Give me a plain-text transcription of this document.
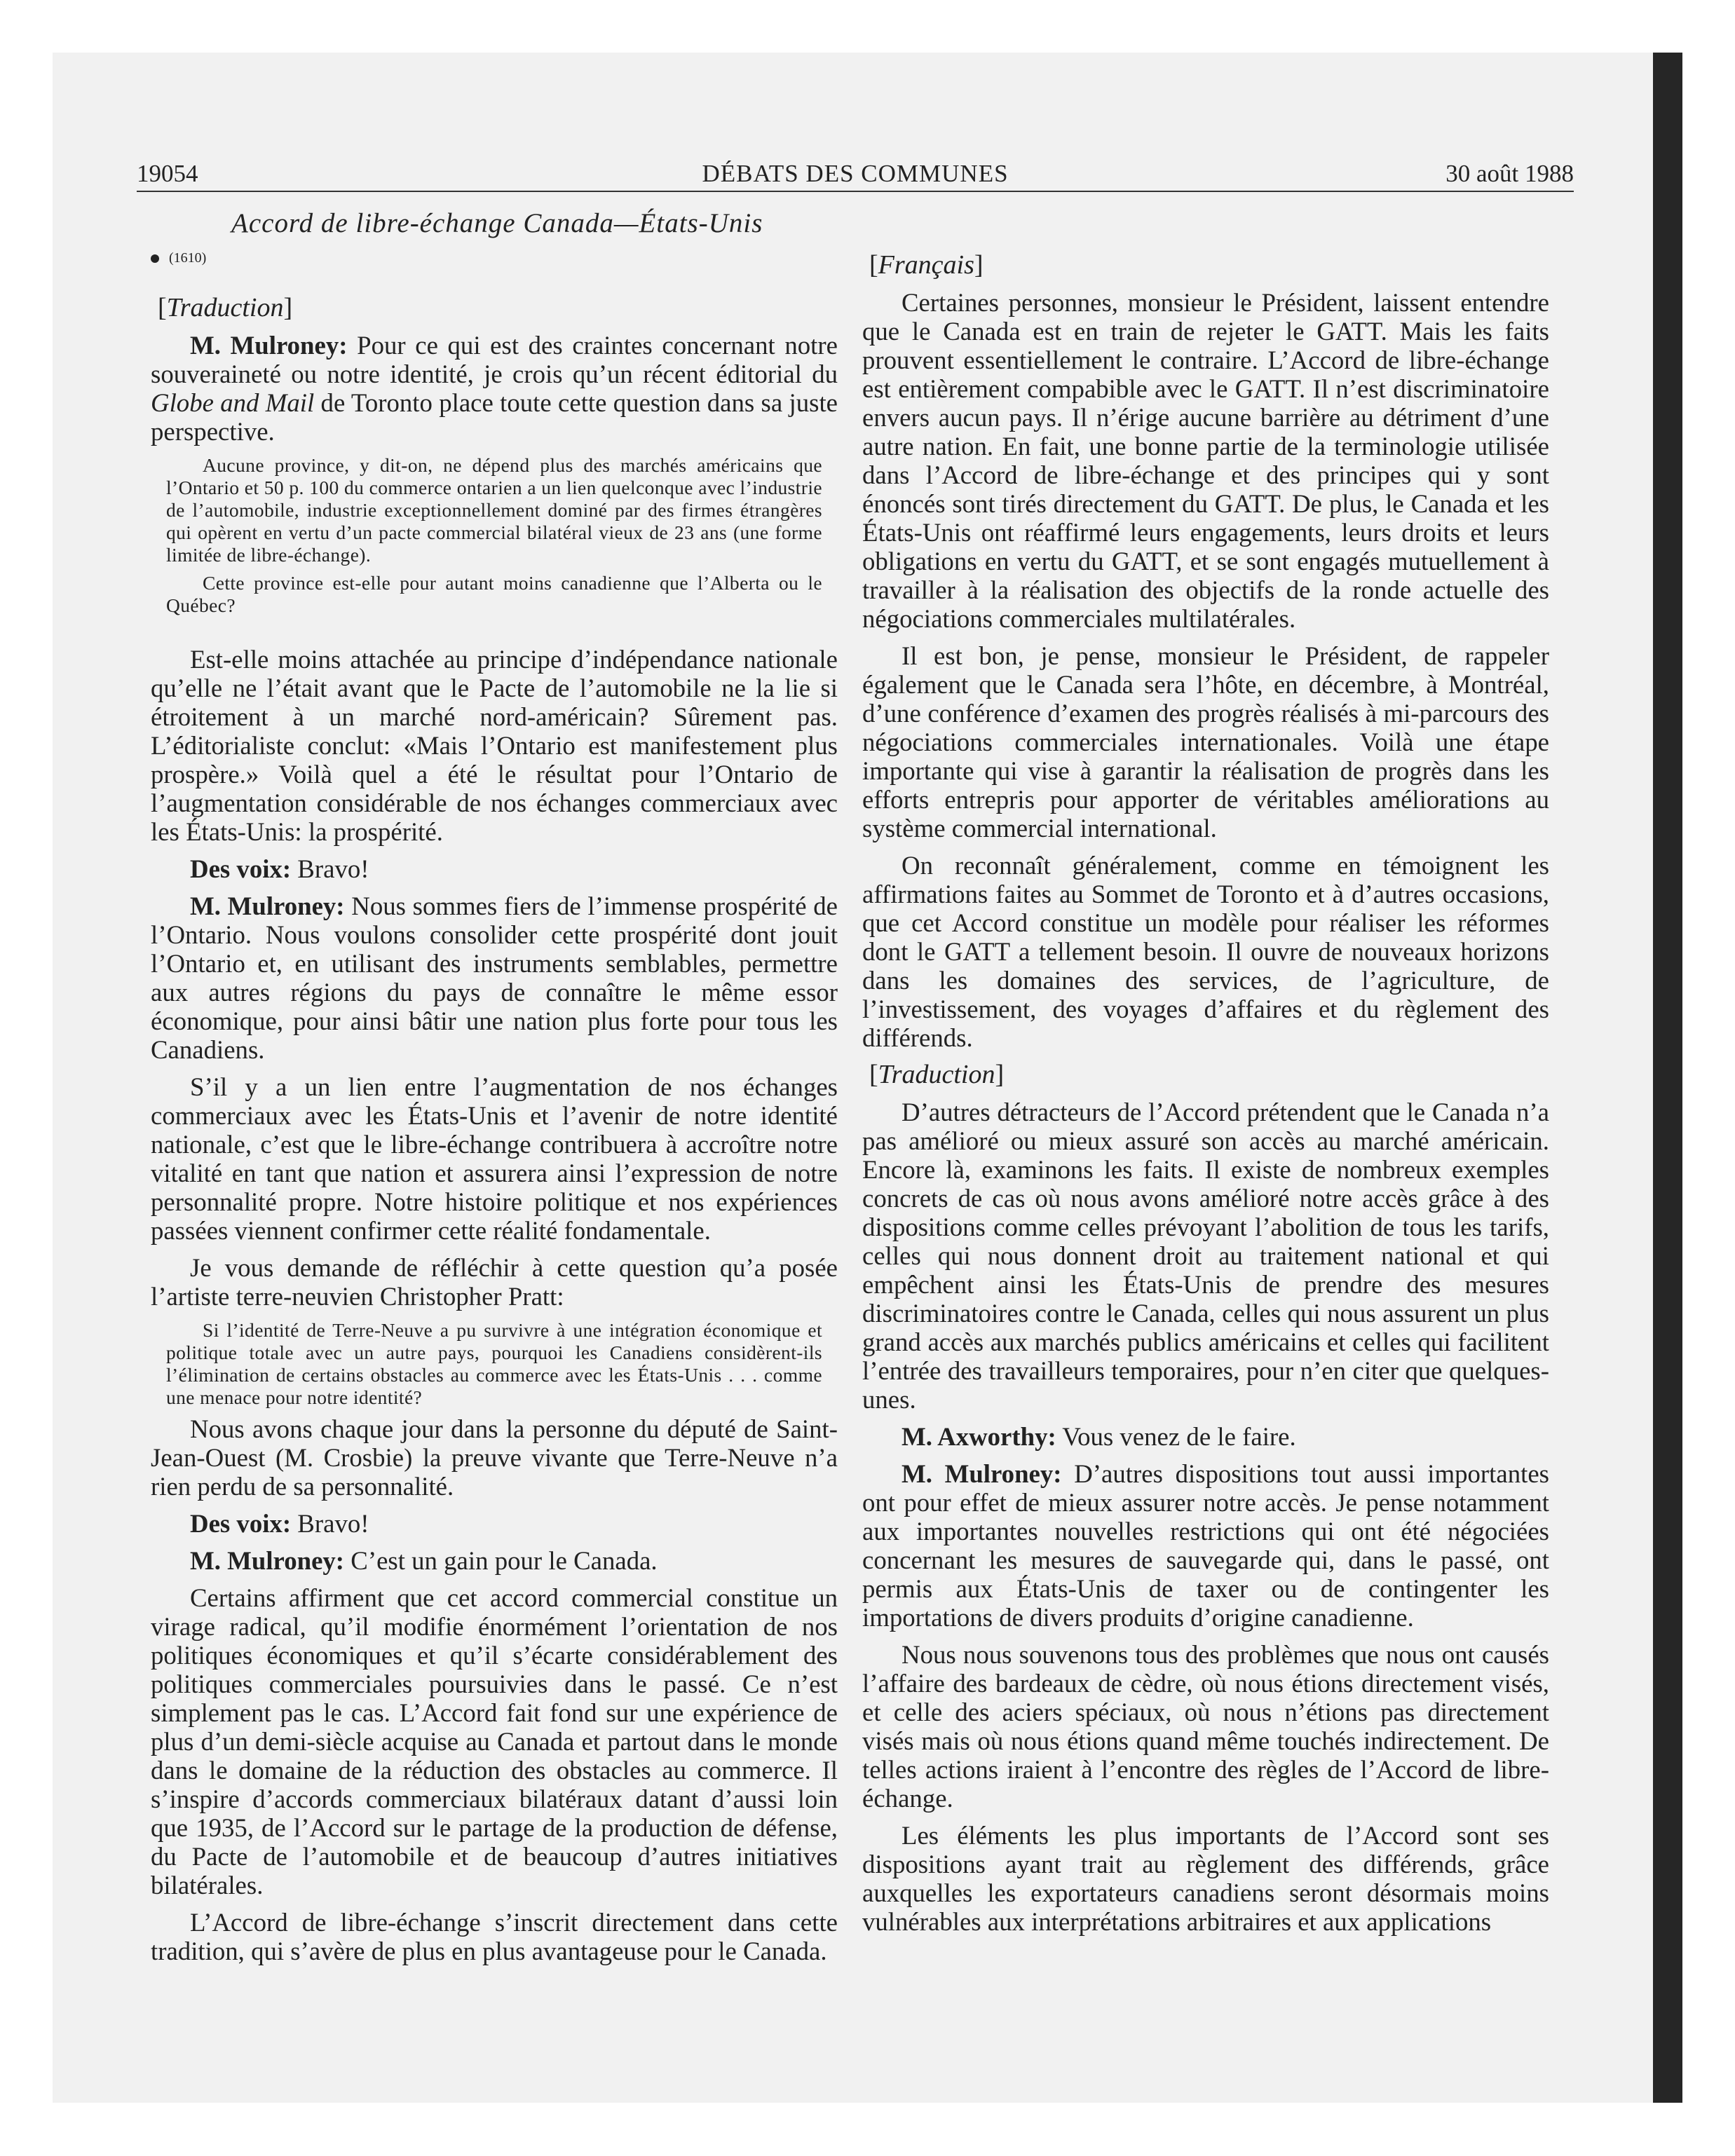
19054	DÉBATS DES COMMUNES	30 août 1988
Accord de libre-échange Canada—États-Unis
(1610)
[Traduction]

M. Mulroney: Pour ce qui est des craintes concernant notre souveraineté ou notre identité, je crois qu’un récent éditorial du Globe and Mail de Toronto place toute cette question dans sa juste perspective.

Aucune province, y dit-on, ne dépend plus des marchés américains que l’Ontario et 50 p. 100 du commerce ontarien a un lien quelconque avec l’industrie de l’automobile, industrie exceptionnellement dominé par des firmes étrangères qui opèrent en vertu d’un pacte commercial bilatéral vieux de 23 ans (une forme limitée de libre-échange).

Cette province est-elle pour autant moins canadienne que l’Alberta ou le Québec?

Est-elle moins attachée au principe d’indépendance nationale qu’elle ne l’était avant que le Pacte de l’automobile ne la lie si étroitement à un marché nord-américain? Sûrement pas. L’éditorialiste conclut: «Mais l’Ontario est manifestement plus prospère.» Voilà quel a été le résultat pour l’Ontario de l’augmentation considérable de nos échanges commerciaux avec les États-Unis: la prospérité.

Des voix: Bravo!

M. Mulroney: Nous sommes fiers de l’immense prospérité de l’Ontario. Nous voulons consolider cette prospérité dont jouit l’Ontario et, en utilisant des instruments semblables, permettre aux autres régions du pays de connaître le même essor économique, pour ainsi bâtir une nation plus forte pour tous les Canadiens.

S’il y a un lien entre l’augmentation de nos échanges commerciaux avec les États-Unis et l’avenir de notre identité nationale, c’est que le libre-échange contribuera à accroître notre vitalité en tant que nation et assurera ainsi l’expression de notre personnalité propre. Notre histoire politique et nos expériences passées viennent confirmer cette réalité fondamentale.

Je vous demande de réfléchir à cette question qu’a posée l’artiste terre-neuvien Christopher Pratt:

Si l’identité de Terre-Neuve a pu survivre à une intégration économique et politique totale avec un autre pays, pourquoi les Canadiens considèrent-ils l’élimination de certains obstacles au commerce avec les États-Unis . . . comme une menace pour notre identité?

Nous avons chaque jour dans la personne du député de Saint-Jean-Ouest (M. Crosbie) la preuve vivante que Terre-Neuve n’a rien perdu de sa personnalité.

Des voix: Bravo!

M. Mulroney: C’est un gain pour le Canada.

Certains affirment que cet accord commercial constitue un virage radical, qu’il modifie énormément l’orientation de nos politiques économiques et qu’il s’écarte considérablement des politiques commerciales poursuivies dans le passé. Ce n’est simplement pas le cas. L’Accord fait fond sur une expérience de plus d’un demi-siècle acquise au Canada et partout dans le monde dans le domaine de la réduction des obstacles au commerce. Il s’inspire d’accords commerciaux bilatéraux datant d’aussi loin que 1935, de l’Accord sur le partage de la production de défense, du Pacte de l’automobile et de beaucoup d’autres initiatives bilatérales.

L’Accord de libre-échange s’inscrit directement dans cette tradition, qui s’avère de plus en plus avantageuse pour le Canada.

[Français]

Certaines personnes, monsieur le Président, laissent entendre que le Canada est en train de rejeter le GATT. Mais les faits prouvent essentiellement le contraire. L’Accord de libre-échange est entièrement compabible avec le GATT. Il n’est discriminatoire envers aucun pays. Il n’érige aucune barrière au détriment d’une autre nation. En fait, une bonne partie de la terminologie utilisée dans l’Accord de libre-échange et des principes qui y sont énoncés sont tirés directement du GATT. De plus, le Canada et les États-Unis ont réaffirmé leurs engagements, leurs droits et leurs obligations en vertu du GATT, et se sont engagés mutuellement à travailler à la réalisation des objectifs de la ronde actuelle des négociations commerciales multilatérales.

Il est bon, je pense, monsieur le Président, de rappeler également que le Canada sera l’hôte, en décembre, à Montréal, d’une conférence d’examen des progrès réalisés à mi-parcours des négociations commerciales internationales. Voilà une étape importante qui vise à garantir la réalisation de progrès dans les efforts entrepris pour apporter de véritables améliorations au système commercial international.

On reconnaît généralement, comme en témoignent les affirmations faites au Sommet de Toronto et à d’autres occasions, que cet Accord constitue un modèle pour réaliser les réformes dont le GATT a tellement besoin. Il ouvre de nouveaux horizons dans les domaines des services, de l’agriculture, de l’investissement, des voyages d’affaires et du règlement des différends.

[Traduction]

D’autres détracteurs de l’Accord prétendent que le Canada n’a pas amélioré ou mieux assuré son accès au marché américain. Encore là, examinons les faits. Il existe de nombreux exemples concrets de cas où nous avons amélioré notre accès grâce à des dispositions comme celles prévoyant l’abolition de tous les tarifs, celles qui nous donnent droit au traitement national et qui empêchent ainsi les États-Unis de prendre des mesures discriminatoires contre le Canada, celles qui nous assurent un plus grand accès aux marchés publics américains et celles qui facilitent l’entrée des travailleurs temporaires, pour n’en citer que quelques-unes.

M. Axworthy: Vous venez de le faire.

M. Mulroney: D’autres dispositions tout aussi importantes ont pour effet de mieux assurer notre accès. Je pense notamment aux importantes nouvelles restrictions qui ont été négociées concernant les mesures de sauvegarde qui, dans le passé, ont permis aux États-Unis de taxer ou de contingenter les importations de divers produits d’origine canadienne.

Nous nous souvenons tous des problèmes que nous ont causés l’affaire des bardeaux de cèdre, où nous étions directement visés, et celle des aciers spéciaux, où nous n’étions pas directement visés mais où nous étions quand même touchés indirectement. De telles actions iraient à l’encontre des règles de l’Accord de libre-échange.

Les éléments les plus importants de l’Accord sont ses dispositions ayant trait au règlement des différends, grâce auxquelles les exportateurs canadiens seront désormais moins vulnérables aux interprétations arbitraires et aux applications
